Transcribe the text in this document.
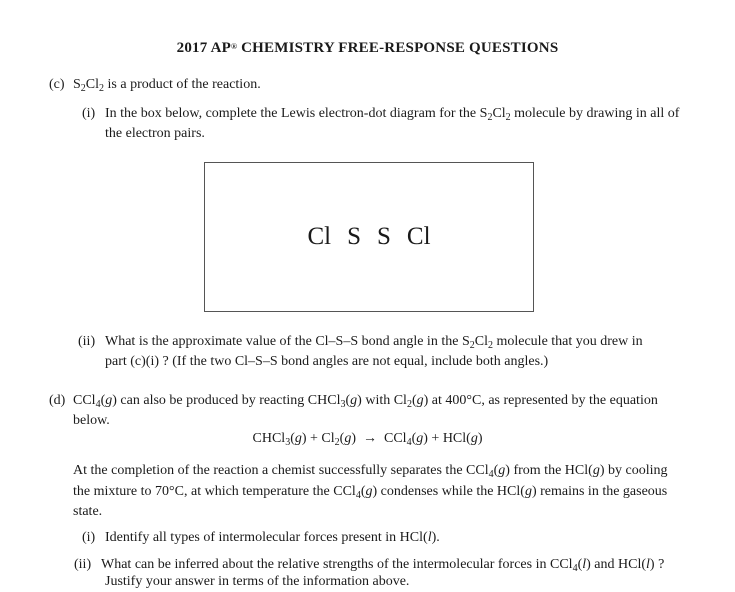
2017 AP® CHEMISTRY FREE-RESPONSE QUESTIONS
(c) $S_2Cl_2$ is a product of the reaction.
(i) In the box below, complete the Lewis electron-dot diagram for the $S_2Cl_2$ molecule by drawing in all of
the electron pairs.
Cl S S Cl
(ii) What is the approximate value of the Cl–S–S bond angle in the $S_2Cl_2$ molecule that you drew in
part (c)(i) ? (If the two Cl–S–S bond angles are not equal, include both angles.)
(d) CCl$_4$(g) can also be produced by reacting CHCl$_3$(g) with $Cl_2(g)$ at 400°C, as represented by the equation
below.
CHCl$_3$(g) + $Cl_2(g) \to CCl_4(g) + HCl(g)$
At the completion of the reaction a chemist successfully separates the CCl$_4$(g) from the HCl(g) by cooling
the mixture to 70°C, at which temperature the CCl$_4$(g) condenses while the HCl(g) remains in the gaseous
state.
(i) Identify all types of intermolecular forces present in HCl(l).
(ii) What can be inferred about the relative strengths of the intermolecular forces in CCl$_4$(l) and HCl(l) ?
Justify your answer in terms of the information above.
